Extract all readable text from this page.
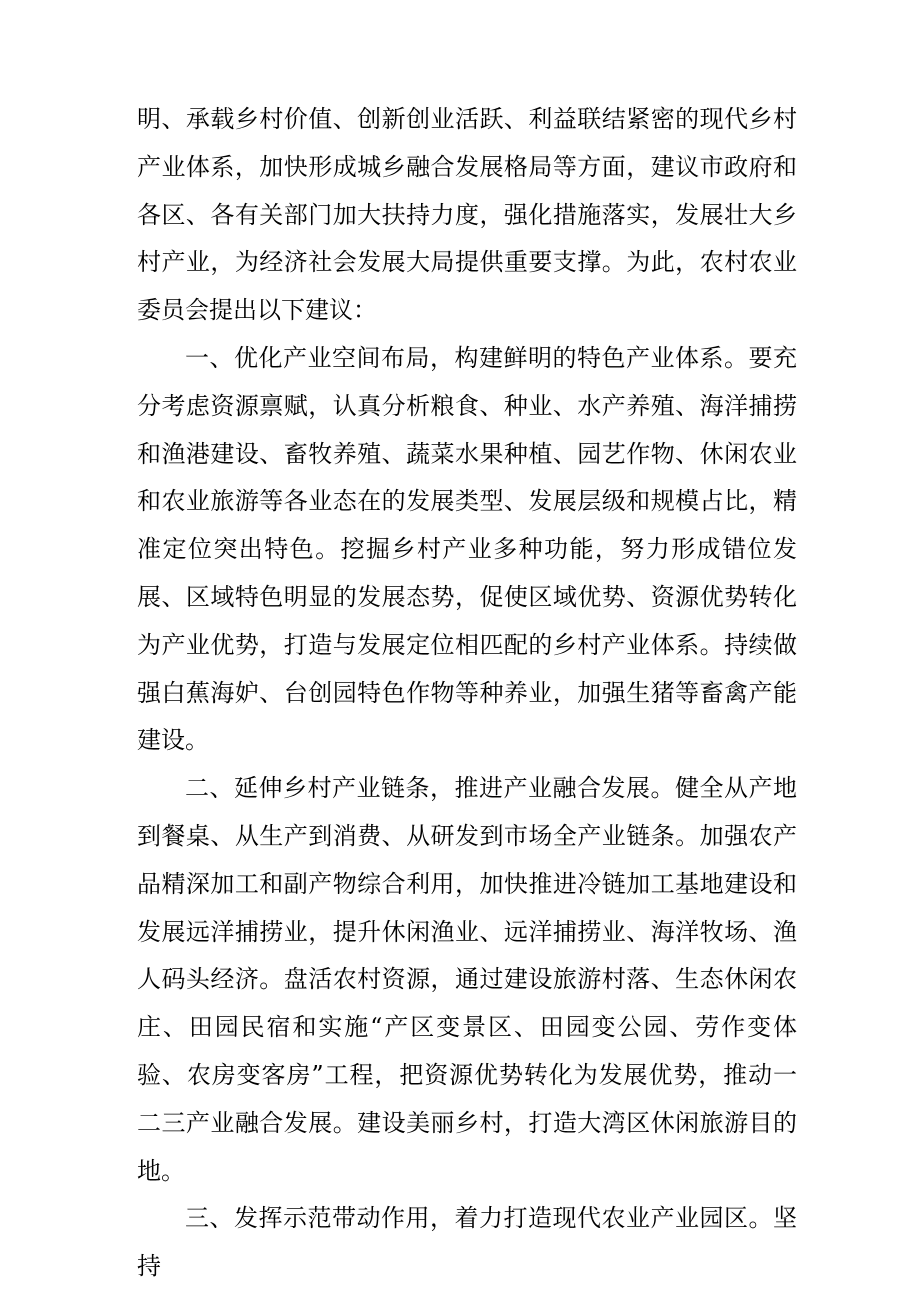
明、承载乡村价值、创新创业活跃、利益联结紧密的现代乡村产业体系，加快形成城乡融合发展格局等方面，建议市政府和各区、各有关部门加大扶持力度，强化措施落实，发展壮大乡村产业，为经济社会发展大局提供重要支撑。为此，农村农业委员会提出以下建议：

一、优化产业空间布局，构建鲜明的特色产业体系。要充分考虑资源禀赋，认真分析粮食、种业、水产养殖、海洋捕捞和渔港建设、畜牧养殖、蔬菜水果种植、园艺作物、休闲农业和农业旅游等各业态在的发展类型、发展层级和规模占比，精准定位突出特色。挖掘乡村产业多种功能，努力形成错位发展、区域特色明显的发展态势，促使区域优势、资源优势转化为产业优势，打造与发展定位相匹配的乡村产业体系。持续做强白蕉海妒、台创园特色作物等种养业，加强生猪等畜禽产能建设。

二、延伸乡村产业链条，推进产业融合发展。健全从产地到餐桌、从生产到消费、从研发到市场全产业链条。加强农产品精深加工和副产物综合利用，加快推进冷链加工基地建设和发展远洋捕捞业，提升休闲渔业、远洋捕捞业、海洋牧场、渔人码头经济。盘活农村资源，通过建设旅游村落、生态休闲农庄、田园民宿和实施“产区变景区、田园变公园、劳作变体验、农房变客房”工程，把资源优势转化为发展优势，推动一二三产业融合发展。建设美丽乡村，打造大湾区休闲旅游目的地。

三、发挥示范带动作用，着力打造现代农业产业园区。坚持
